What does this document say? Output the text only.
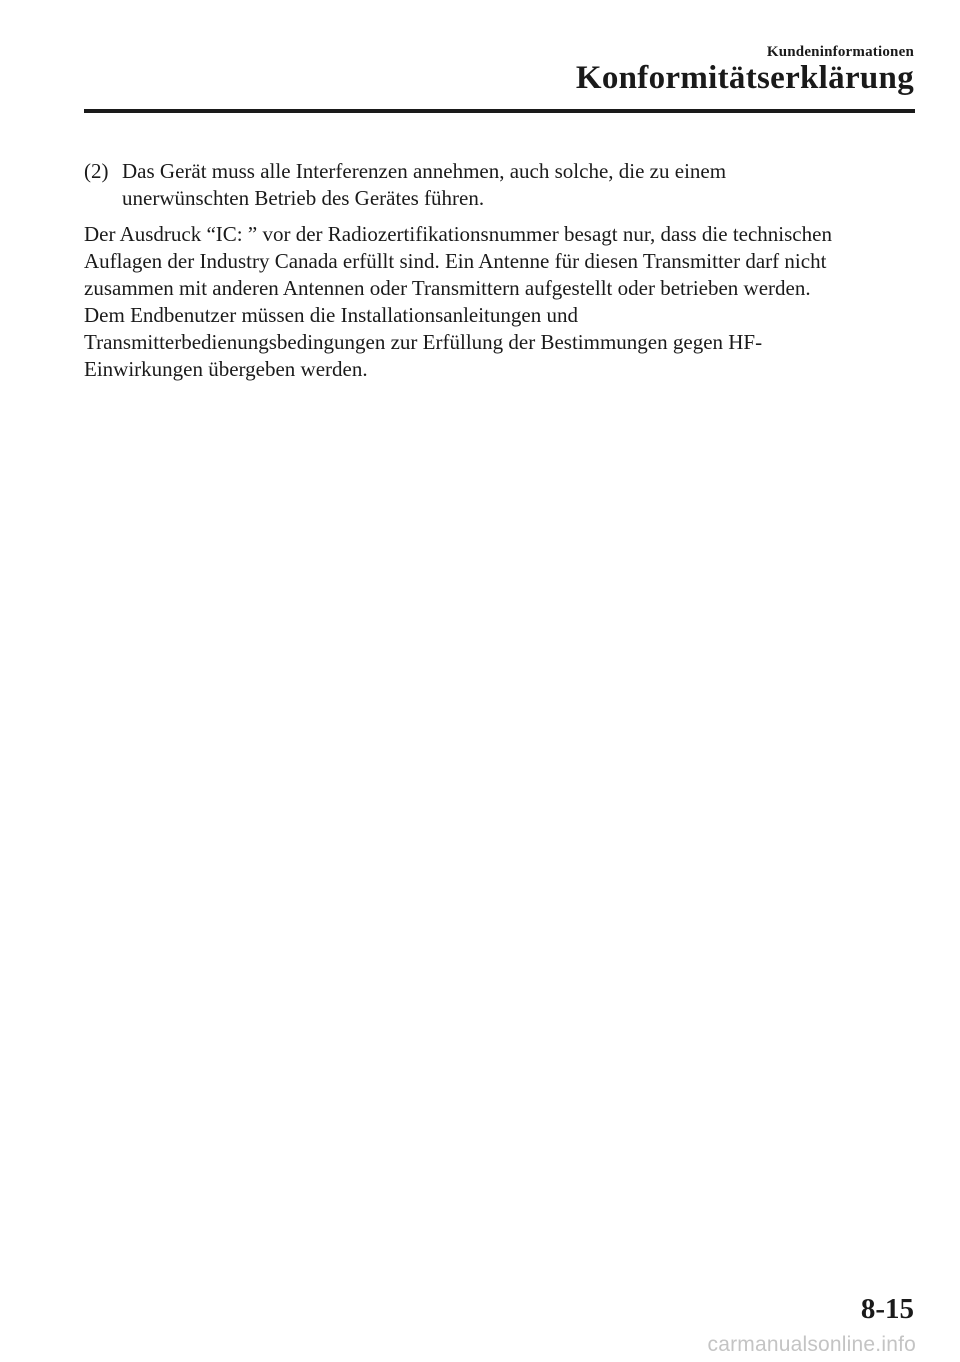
Kundeninformationen
Konformitätserklärung
(2) Das Gerät muss alle Interferenzen annehmen, auch solche, die zu einem
unerwünschten Betrieb des Gerätes führen.
Der Ausdruck “IC: ” vor der Radiozertifikationsnummer besagt nur, dass die technischen
Auflagen der Industry Canada erfüllt sind. Ein Antenne für diesen Transmitter darf nicht
zusammen mit anderen Antennen oder Transmittern aufgestellt oder betrieben werden.
Dem Endbenutzer müssen die Installationsanleitungen und
Transmitterbedienungsbedingungen zur Erfüllung der Bestimmungen gegen HF-
Einwirkungen übergeben werden.
8-15
carmanualsonline.info
